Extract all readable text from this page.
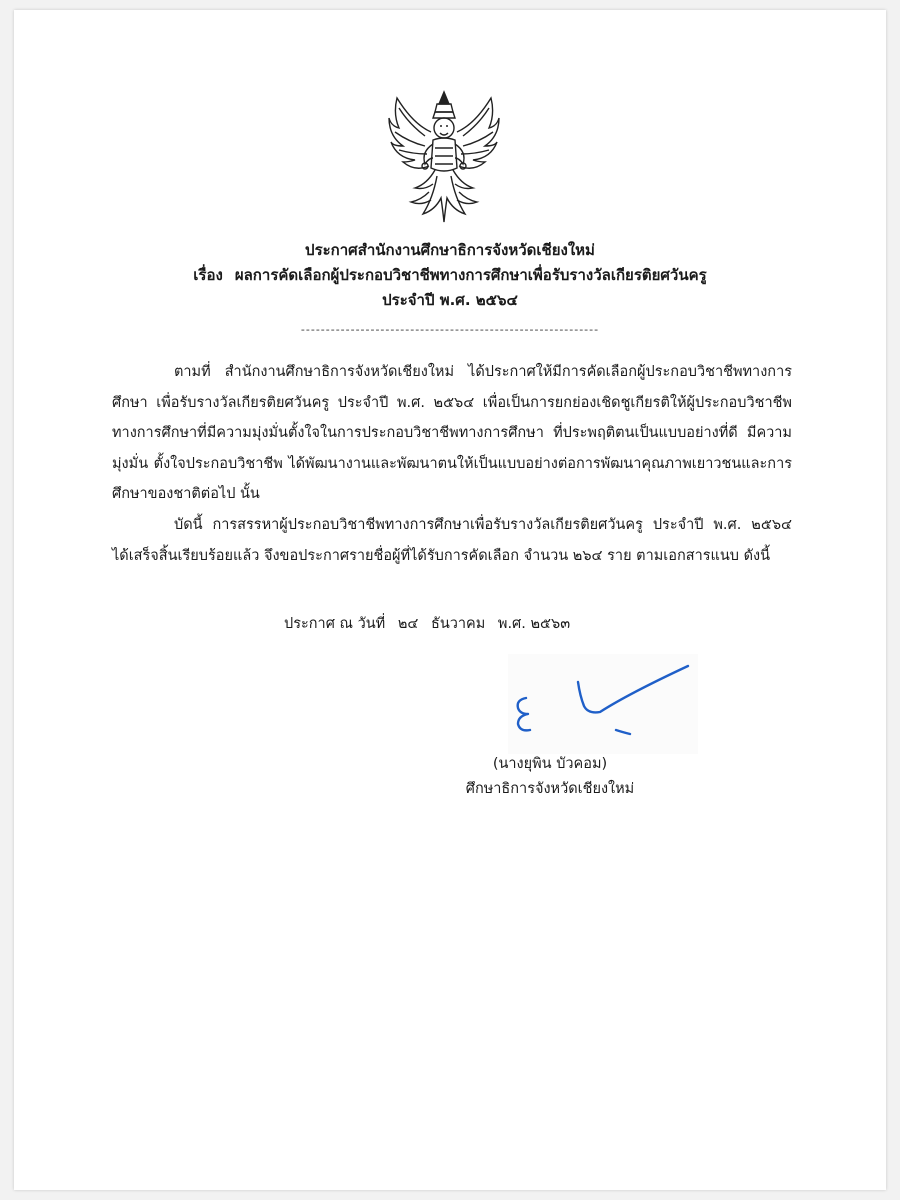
ประกาศสำนักงานศึกษาธิการจังหวัดเชียงใหม่
เรื่อง ผลการคัดเลือกผู้ประกอบวิชาชีพทางการศึกษาเพื่อรับรางวัลเกียรติยศวันครู
ประจำปี พ.ศ. ๒๕๖๔
------------------------------------------------------------

ตามที่ สำนักงานศึกษาธิการจังหวัดเชียงใหม่ ได้ประกาศให้มีการคัดเลือกผู้ประกอบวิชาชีพทางการศึกษา เพื่อรับรางวัลเกียรติยศวันครู ประจำปี พ.ศ. ๒๕๖๔ เพื่อเป็นการยกย่องเชิดชูเกียรติให้ผู้ประกอบวิชาชีพทางการศึกษาที่มีความมุ่งมั่นตั้งใจในการประกอบวิชาชีพทางการศึกษา ที่ประพฤติตนเป็นแบบอย่างที่ดี มีความมุ่งมั่น ตั้งใจประกอบวิชาชีพ ได้พัฒนางานและพัฒนาตนให้เป็นแบบอย่างต่อการพัฒนาคุณภาพเยาวชนและการศึกษาของชาติต่อไป นั้น

บัดนี้ การสรรหาผู้ประกอบวิชาชีพทางการศึกษาเพื่อรับรางวัลเกียรติยศวันครู ประจำปี พ.ศ. ๒๕๖๔ ได้เสร็จสิ้นเรียบร้อยแล้ว จึงขอประกาศรายชื่อผู้ที่ได้รับการคัดเลือก จำนวน ๒๖๔ ราย ตามเอกสารแนบ ดังนี้

ประกาศ ณ วันที่ ๒๔ ธันวาคม พ.ศ. ๒๕๖๓
(นางยุพิน บัวคอม)
ศึกษาธิการจังหวัดเชียงใหม่
